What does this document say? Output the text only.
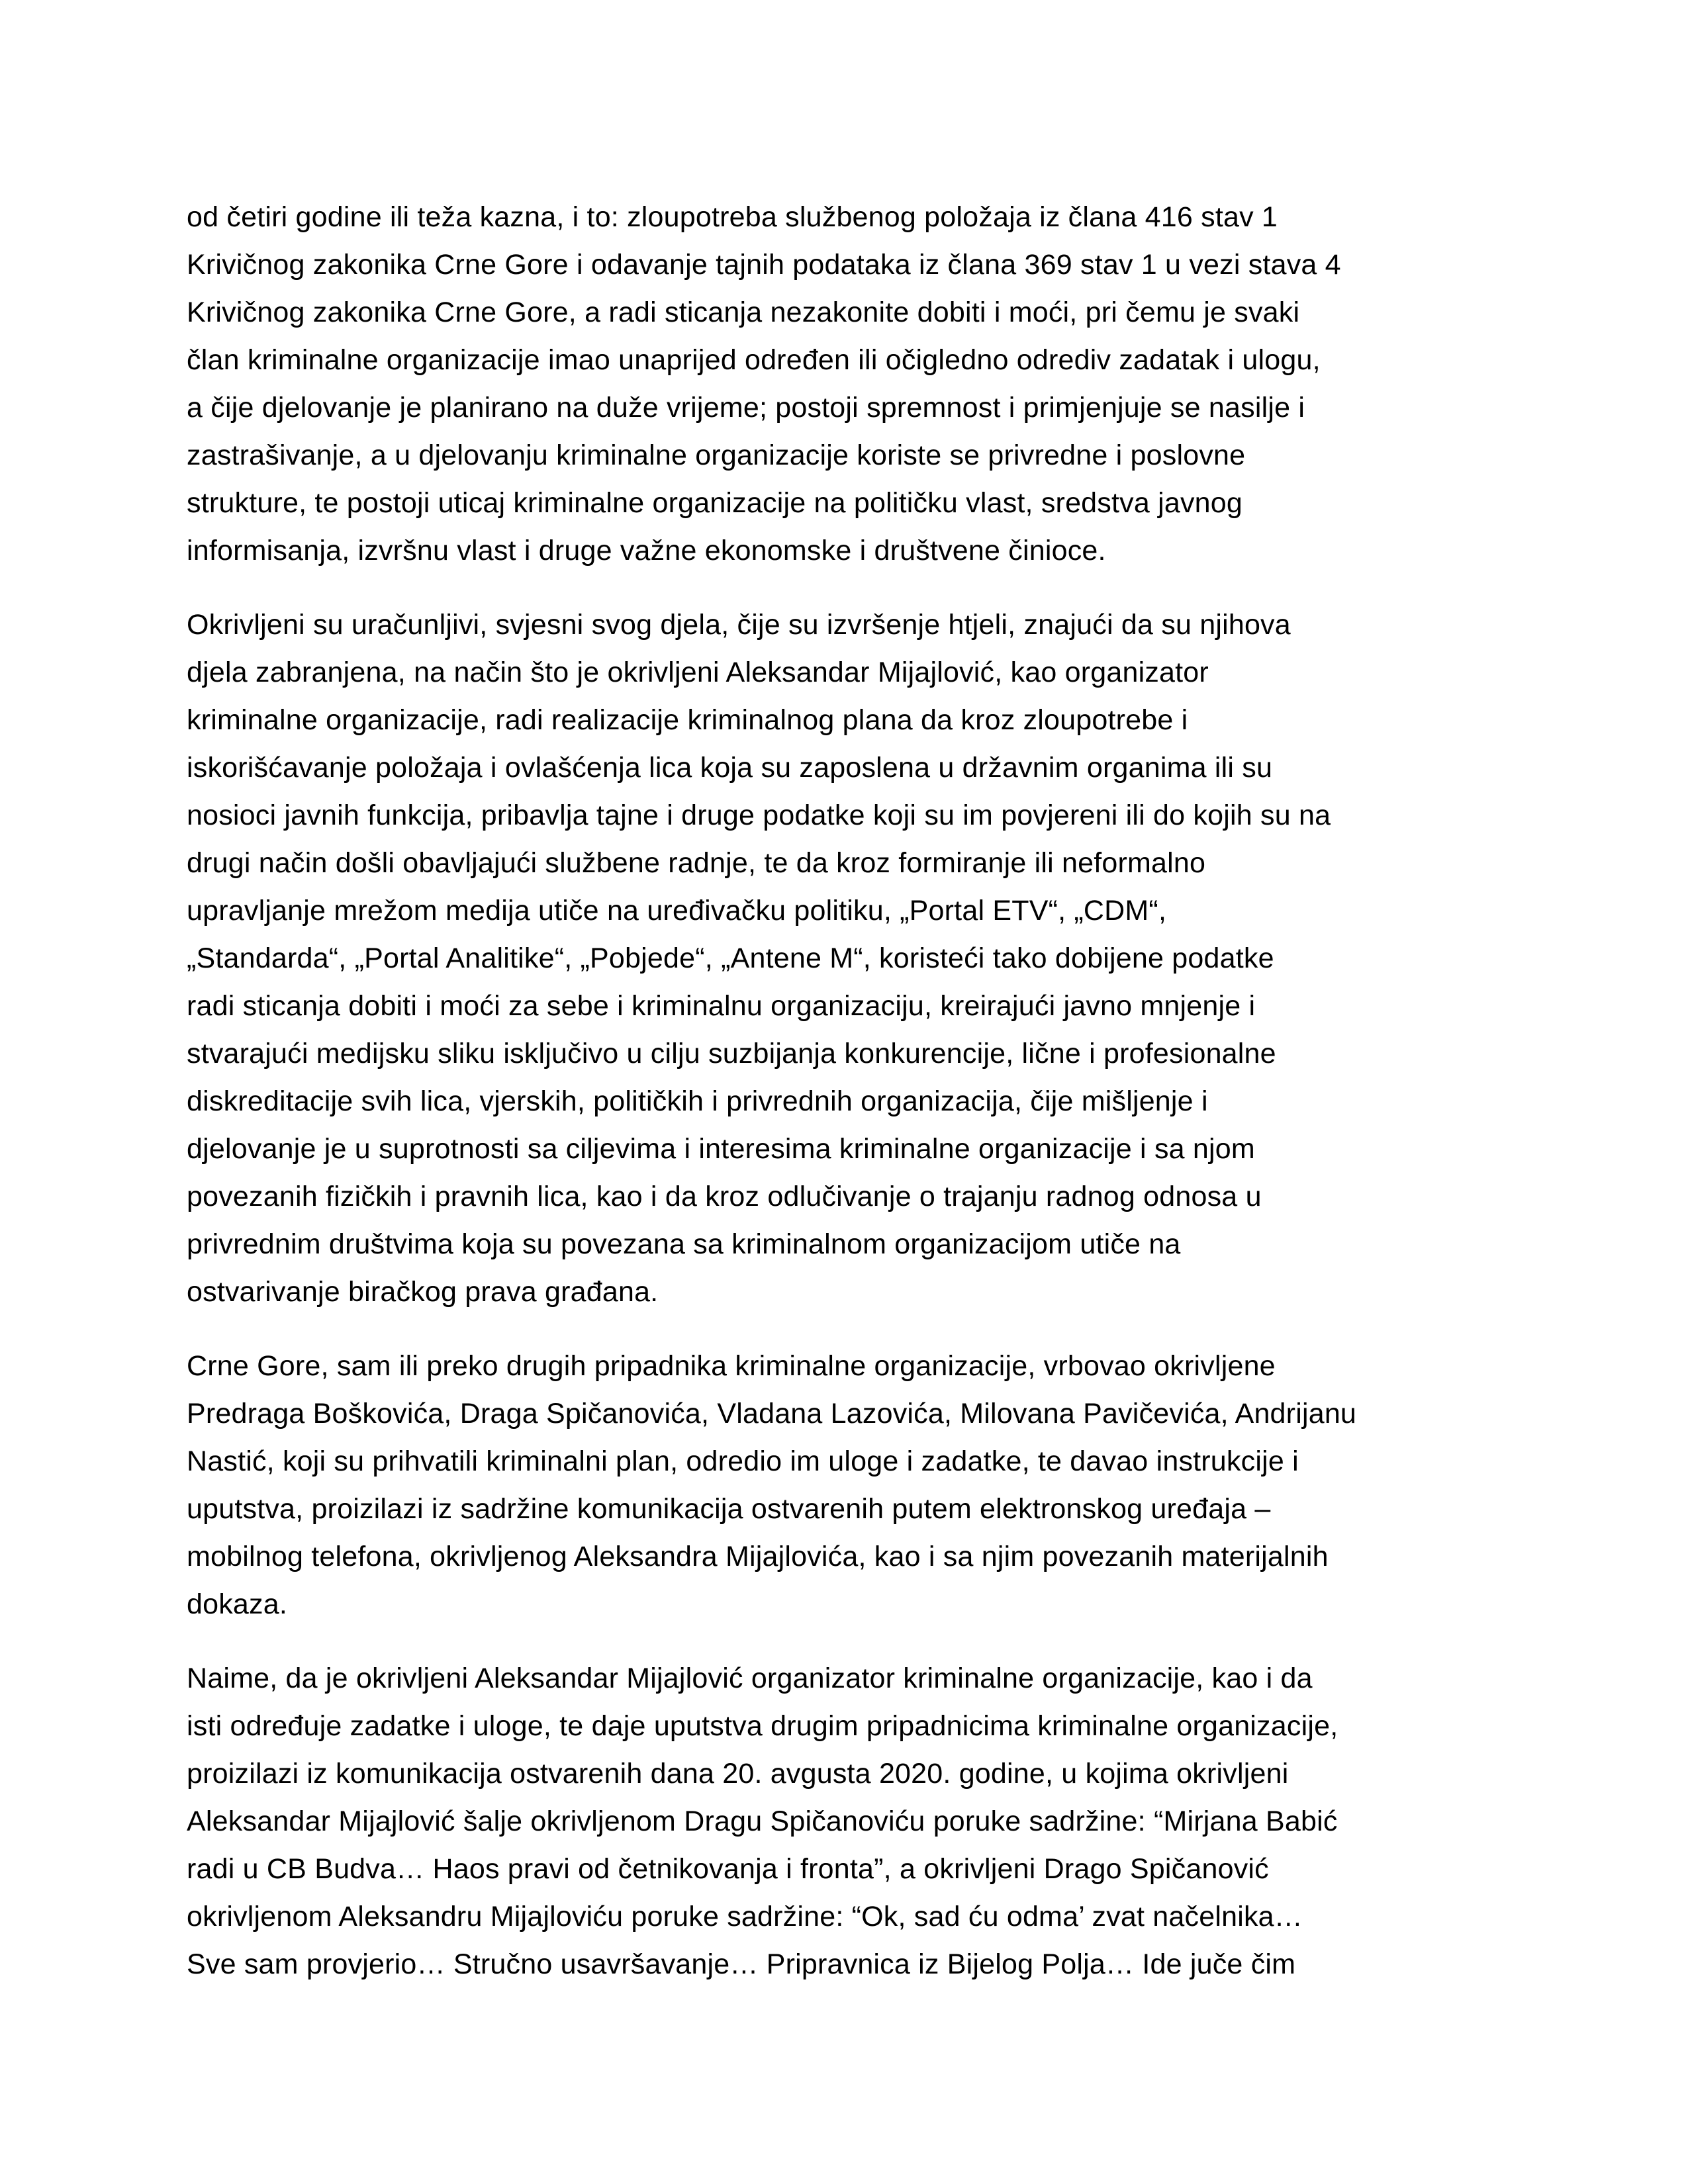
od četiri godine ili teža kazna, i to: zloupotreba službenog položaja iz člana 416 stav 1
Krivičnog zakonika Crne Gore i odavanje tajnih podataka iz člana 369 stav 1 u vezi stava 4
Krivičnog zakonika Crne Gore, a radi sticanja nezakonite dobiti i moći, pri čemu je svaki
član kriminalne organizacije imao unaprijed određen ili očigledno odrediv zadatak i ulogu,
a čije djelovanje je planirano na duže vrijeme; postoji spremnost i primjenjuje se nasilje i
zastrašivanje, a u djelovanju kriminalne organizacije koriste se privredne i poslovne
strukture, te postoji uticaj kriminalne organizacije na političku vlast, sredstva javnog
informisanja, izvršnu vlast i druge važne ekonomske i društvene činioce.

Okrivljeni su uračunljivi, svjesni svog djela, čije su izvršenje htjeli, znajući da su njihova
djela zabranjena, na način što je okrivljeni Aleksandar Mijajlović, kao organizator
kriminalne organizacije, radi realizacije kriminalnog plana da kroz zloupotrebe i
iskorišćavanje položaja i ovlašćenja lica koja su zaposlena u državnim organima ili su
nosioci javnih funkcija, pribavlja tajne i druge podatke koji su im povjereni ili do kojih su na
drugi način došli obavljajući službene radnje, te da kroz formiranje ili neformalno
upravljanje mrežom medija utiče na uređivačku politiku, „Portal ETV“, „CDM“,
„Standarda“, „Portal Analitike“, „Pobjede“, „Antene M“, koristeći tako dobijene podatke
radi sticanja dobiti i moći za sebe i kriminalnu organizaciju, kreirajući javno mnjenje i
stvarajući medijsku sliku isključivo u cilju suzbijanja konkurencije, lične i profesionalne
diskreditacije svih lica, vjerskih, političkih i privrednih organizacija, čije mišljenje i
djelovanje je u suprotnosti sa ciljevima i interesima kriminalne organizacije i sa njom
povezanih fizičkih i pravnih lica, kao i da kroz odlučivanje o trajanju radnog odnosa u
privrednim društvima koja su povezana sa kriminalnom organizacijom utiče na
ostvarivanje biračkog prava građana.

Crne Gore, sam ili preko drugih pripadnika kriminalne organizacije, vrbovao okrivljene
Predraga Boškovića, Draga Spičanovića, Vladana Lazovića, Milovana Pavičevića, Andrijanu
Nastić, koji su prihvatili kriminalni plan, odredio im uloge i zadatke, te davao instrukcije i
uputstva, proizilazi iz sadržine komunikacija ostvarenih putem elektronskog uređaja –
mobilnog telefona, okrivljenog Aleksandra Mijajlovića, kao i sa njim povezanih materijalnih
dokaza.

Naime, da je okrivljeni Aleksandar Mijajlović organizator kriminalne organizacije, kao i da
isti određuje zadatke i uloge, te daje uputstva drugim pripadnicima kriminalne organizacije,
proizilazi iz komunikacija ostvarenih dana 20. avgusta 2020. godine, u kojima okrivljeni
Aleksandar Mijajlović šalje okrivljenom Dragu Spičanoviću poruke sadržine: “Mirjana Babić
radi u CB Budva… Haos pravi od četnikovanja i fronta”, a okrivljeni Drago Spičanović
okrivljenom Aleksandru Mijajloviću poruke sadržine: “Ok, sad ću odma’ zvat načelnika…
Sve sam provjerio… Stručno usavršavanje… Pripravnica iz Bijelog Polja… Ide juče čim
